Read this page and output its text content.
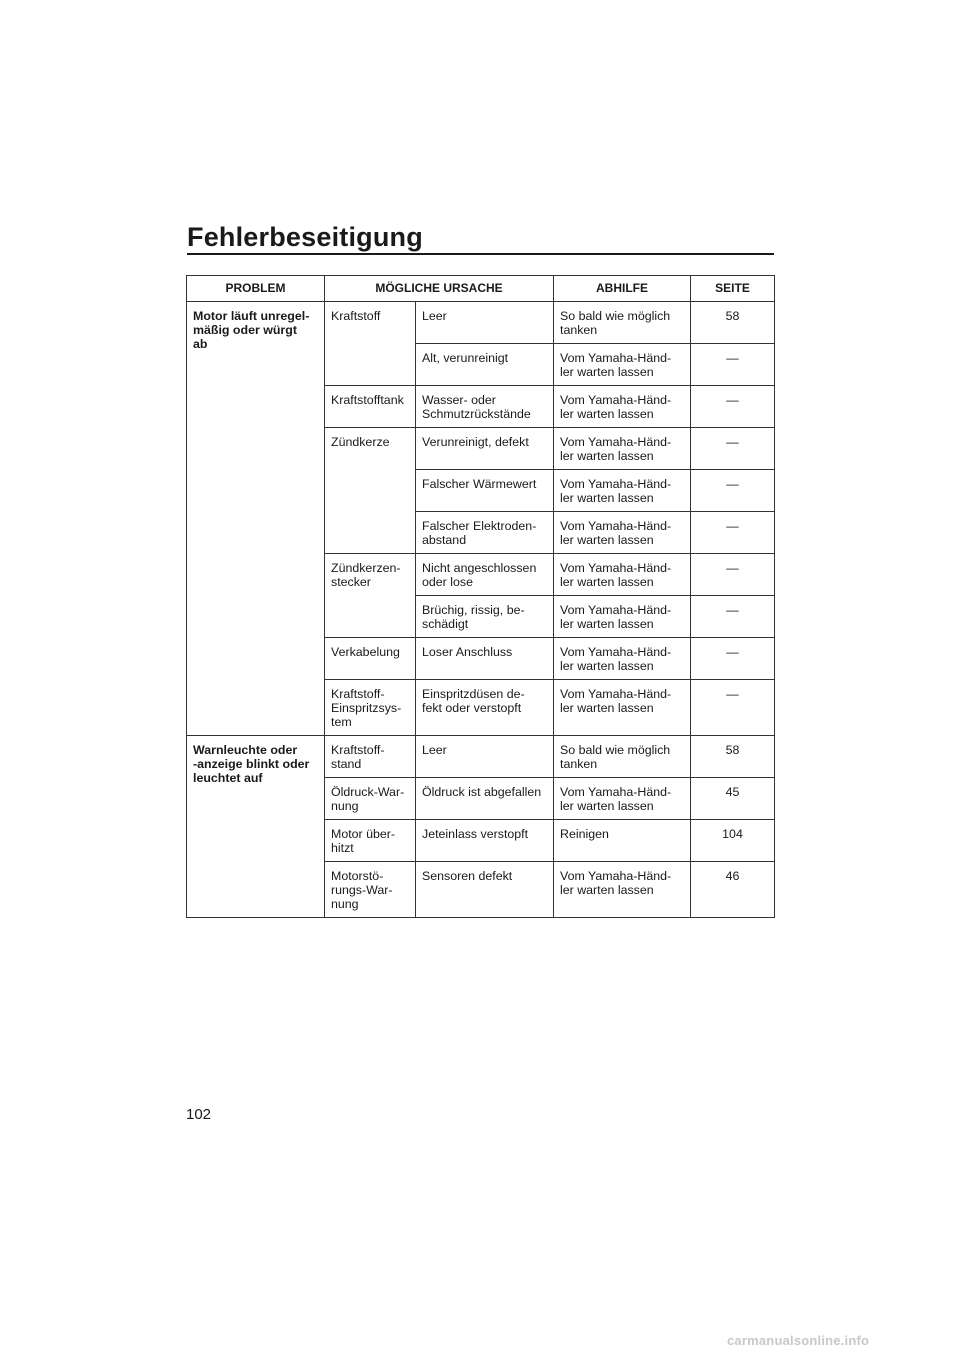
Fehlerbeseitigung
PROBLEM	MÖGLICHE URSACHE		ABHILFE	SEITE
Motor läuft unregel-
mäßig oder würgt
ab	Kraftstoff	Leer	So bald wie möglich
tanken	58
		Alt, verunreinigt	Vom Yamaha-Händ-
ler warten lassen	—
	Kraftstofftank	Wasser- oder
Schmutzrückstände	Vom Yamaha-Händ-
ler warten lassen	—
	Zündkerze	Verunreinigt, defekt	Vom Yamaha-Händ-
ler warten lassen	—
		Falscher Wärmewert	Vom Yamaha-Händ-
ler warten lassen	—
		Falscher Elektroden-
abstand	Vom Yamaha-Händ-
ler warten lassen	—
	Zündkerzen-
stecker	Nicht angeschlossen
oder lose	Vom Yamaha-Händ-
ler warten lassen	—
		Brüchig, rissig, be-
schädigt	Vom Yamaha-Händ-
ler warten lassen	—
	Verkabelung	Loser Anschluss	Vom Yamaha-Händ-
ler warten lassen	—
	Kraftstoff-
Einspritzsys-
tem	Einspritzdüsen de-
fekt oder verstopft	Vom Yamaha-Händ-
ler warten lassen	—
Warnleuchte oder
-anzeige blinkt oder
leuchtet auf	Kraftstoff-
stand	Leer	So bald wie möglich
tanken	58
	Öldruck-War-
nung	Öldruck ist abgefallen	Vom Yamaha-Händ-
ler warten lassen	45
	Motor über-
hitzt	Jeteinlass verstopft	Reinigen	104
	Motorstö-
rungs-War-
nung	Sensoren defekt	Vom Yamaha-Händ-
ler warten lassen	46
102
carmanualsonline.info
